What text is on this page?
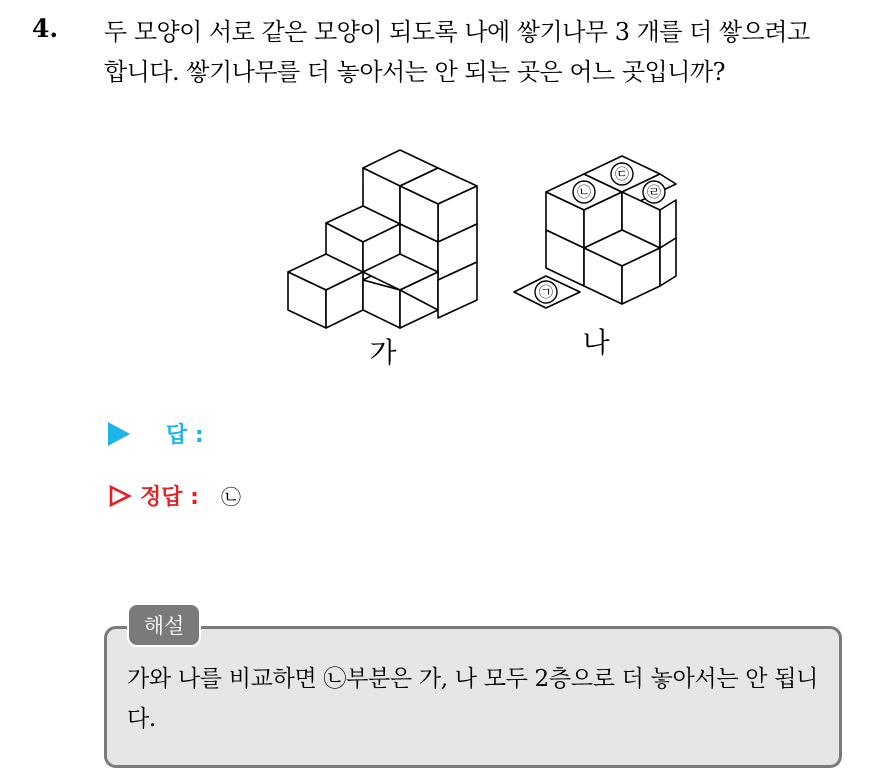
4. 두 모양이 서로 같은 모양이 되도록 나에 쌓기나무 3 개를 더 쌓으려고
합니다. 쌓기나무를 더 놓아서는 안 되는 곳은 어느 곳입니까?
㉠
㉡
㉢
㉣
가	나
답 :
정답 : ㉡
가와 나를 비교하면 ㉡부분은 가, 나 모두 2층으로 더 놓아서는 안 됩니다.
해설
